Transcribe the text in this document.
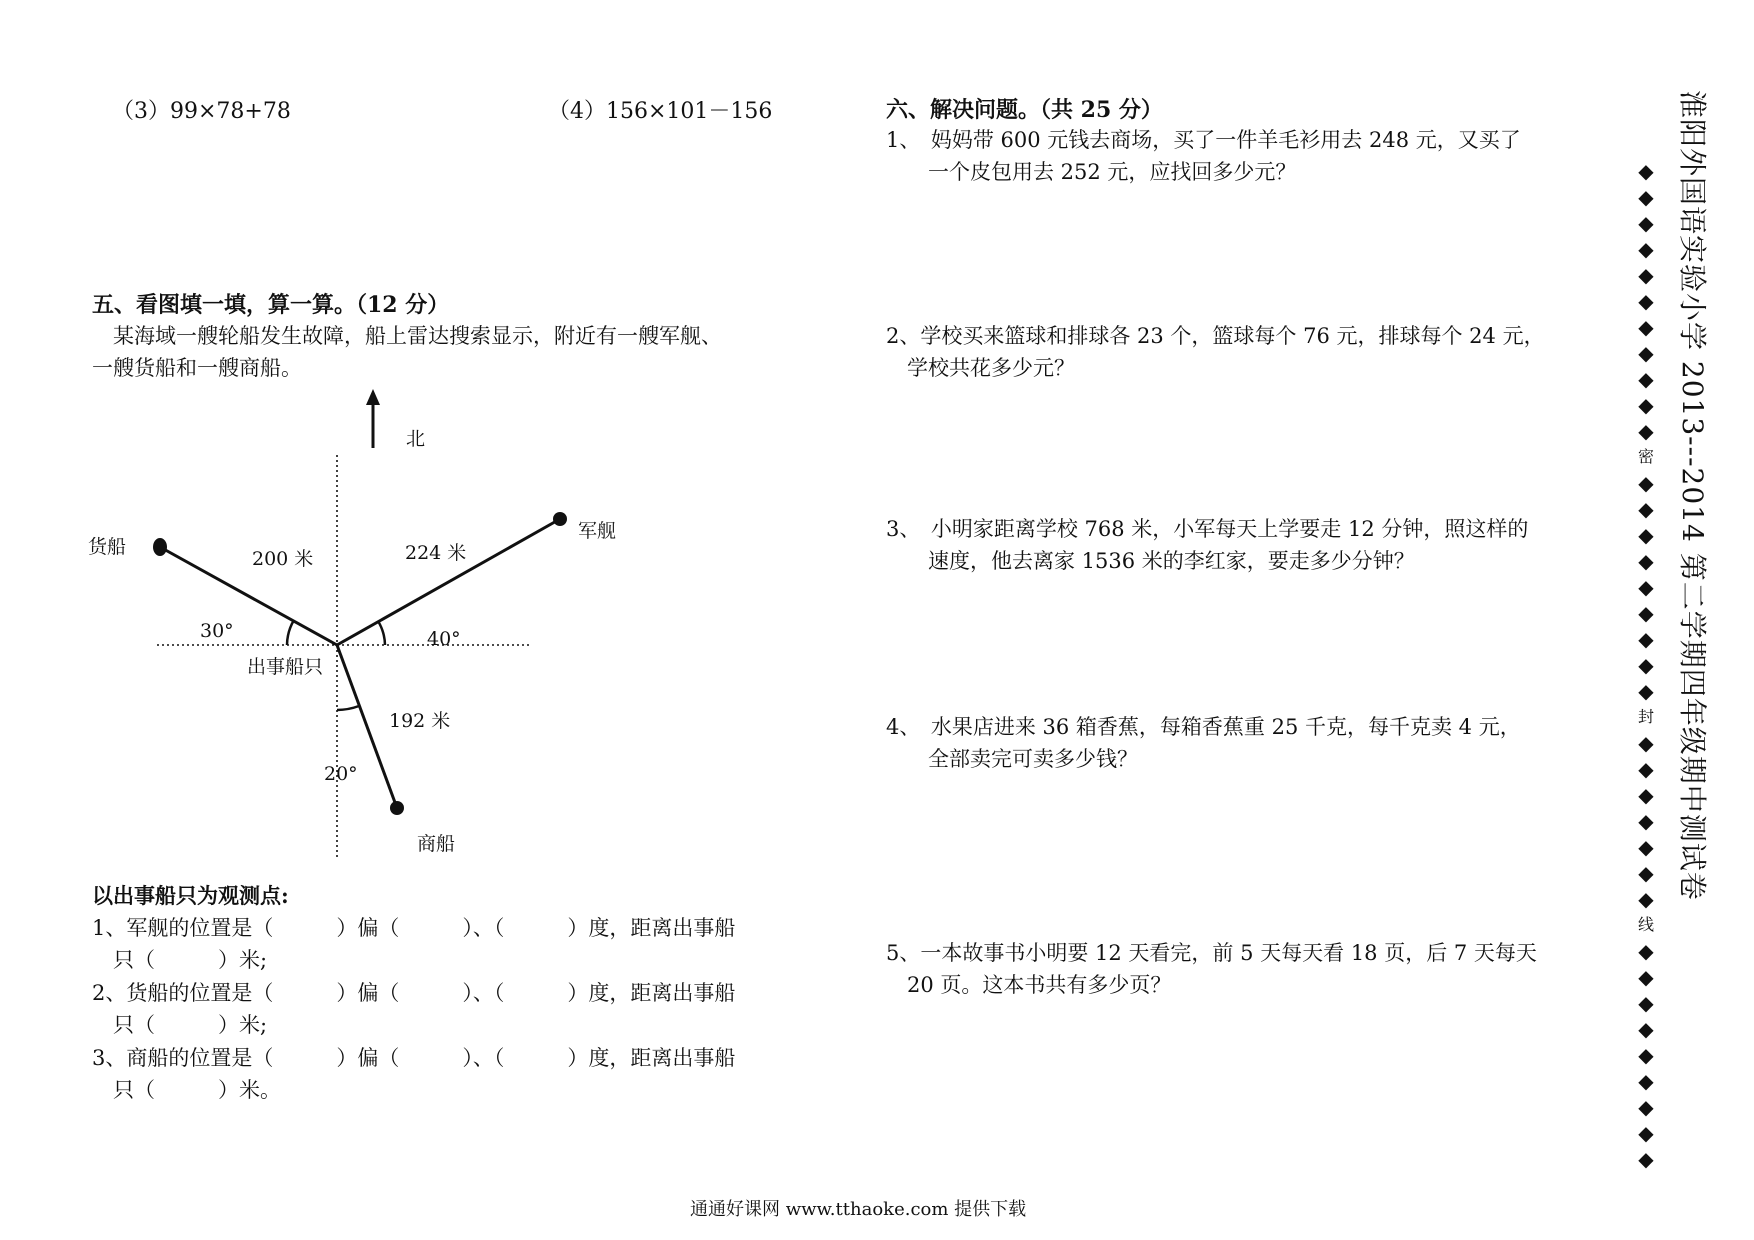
（3）99×78+78	（4）156×101－156
五、看图填一填，算一算。（12 分）
　某海域一艘轮船发生故障，船上雷达搜索显示，附近有一艘军舰、
一艘货船和一艘商船。
北
货船
军舰
商船
出事船只
200 米	224 米
192 米
30°	40°
20°
以出事船只为观测点:
1、军舰的位置是（　　　）偏（　　　）、（　　　）度，距离出事船
　只（　　　）米;
2、货船的位置是（　　　）偏（　　　）、（　　　）度，距离出事船
　只（　　　）米;
3、商船的位置是（　　　）偏（　　　）、（　　　）度，距离出事船
　只（　　　）米。
六、解决问题。（共 25 分）
1、　妈妈带 600 元钱去商场，买了一件羊毛衫用去 248 元，又买了
　　一个皮包用去 252 元，应找回多少元？
2、学校买来篮球和排球各 23 个，篮球每个 76 元，排球每个 24 元，
　学校共花多少元？
3、　小明家距离学校 768 米，小军每天上学要走 12 分钟，照这样的
　　速度，他去离家 1536 米的李红家，要走多少分钟？
4、　水果店进来 36 箱香蕉，每箱香蕉重 25 千克，每千克卖 4 元，
　　全部卖完可卖多少钱？
5、一本故事书小明要 12 天看完，前 5 天每天看 18 页，后 7 天每天
　20 页。这本书共有多少页？
◆◆◆◆◆◆◆◆◆◆◆
密
◆◆◆◆◆◆◆◆◆
封
◆◆◆◆◆◆◆
线
◆◆◆◆◆◆◆◆◆
淮阳外国语实验小学 2013---2014 第二学期四年级期中测试卷
通通好课网 www.tthaoke.com 提供下载
